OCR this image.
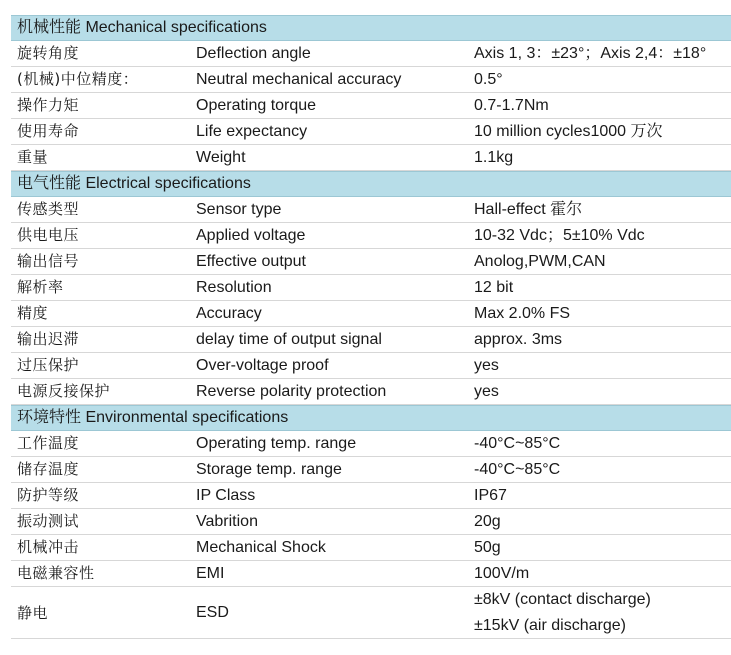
机械性能 Mechanical specifications
旋转角度	Deflection angle	Axis 1, 3：±23°；Axis 2,4：±18°
(机械)中位精度：	Neutral mechanical accuracy	0.5°
操作力矩	Operating torque	0.7-1.7Nm
使用寿命	Life expectancy	10 million cycles1000 万次
重量	Weight	1.1kg
电气性能 Electrical specifications
传感类型	Sensor type	Hall-effect 霍尔
供电电压	Applied voltage	10-32 Vdc；5±10% Vdc
输出信号	Effective output	Anolog,PWM,CAN
解析率	Resolution	12 bit
精度	Accuracy	Max 2.0% FS
输出迟滞	delay time of output signal	approx. 3ms
过压保护	Over-voltage proof	yes
电源反接保护	Reverse polarity protection	yes
环境特性 Environmental specifications
工作温度	Operating temp. range	-40°C~85°C
储存温度	Storage temp. range	-40°C~85°C
防护等级	IP Class	IP67
振动测试	Vabrition	20g
机械冲击	Mechanical Shock	50g
电磁兼容性	EMI	100V/m
静电	ESD
±8kV (contact discharge)
±15kV (air discharge)
